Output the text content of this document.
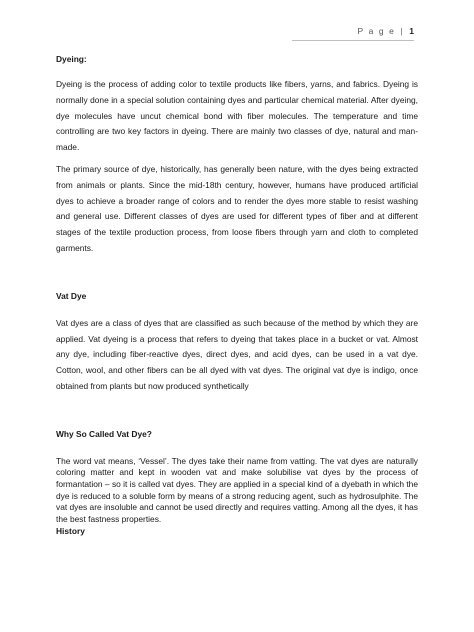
P a g e | 1

Dyeing:

Dyeing is the process of adding color to textile products like fibers, yarns, and fabrics. Dyeing is normally done in a special solution containing dyes and particular chemical material. After dyeing, dye molecules have uncut chemical bond with fiber molecules. The temperature and time controlling are two key factors in dyeing. There are mainly two classes of dye, natural and man-made.

The primary source of dye, historically, has generally been nature, with the dyes being extracted from animals or plants. Since the mid-18th century, however, humans have produced artificial dyes to achieve a broader range of colors and to render the dyes more stable to resist washing and general use. Different classes of dyes are used for different types of fiber and at different stages of the textile production process, from loose fibers through yarn and cloth to completed garments.

Vat Dye

Vat dyes are a class of dyes that are classified as such because of the method by which they are applied. Vat dyeing is a process that refers to dyeing that takes place in a bucket or vat. Almost any dye, including fiber-reactive dyes, direct dyes, and acid dyes, can be used in a vat dye. Cotton, wool, and other fibers can be all dyed with vat dyes. The original vat dye is indigo, once obtained from plants but now produced synthetically

Why So Called Vat Dye?

The word vat means, ‘Vessel’. The dyes take their name from vatting. The vat dyes are naturally coloring matter and kept in wooden vat and make solubilise vat dyes by the process of formantation – so it is called vat dyes. They are applied in a special kind of a dyebath in which the dye is reduced to a soluble form by means of a strong reducing agent, such as hydrosulphite. The vat dyes are insoluble and cannot be used directly and requires vatting. Among all the dyes, it has the best fastness properties.

History
